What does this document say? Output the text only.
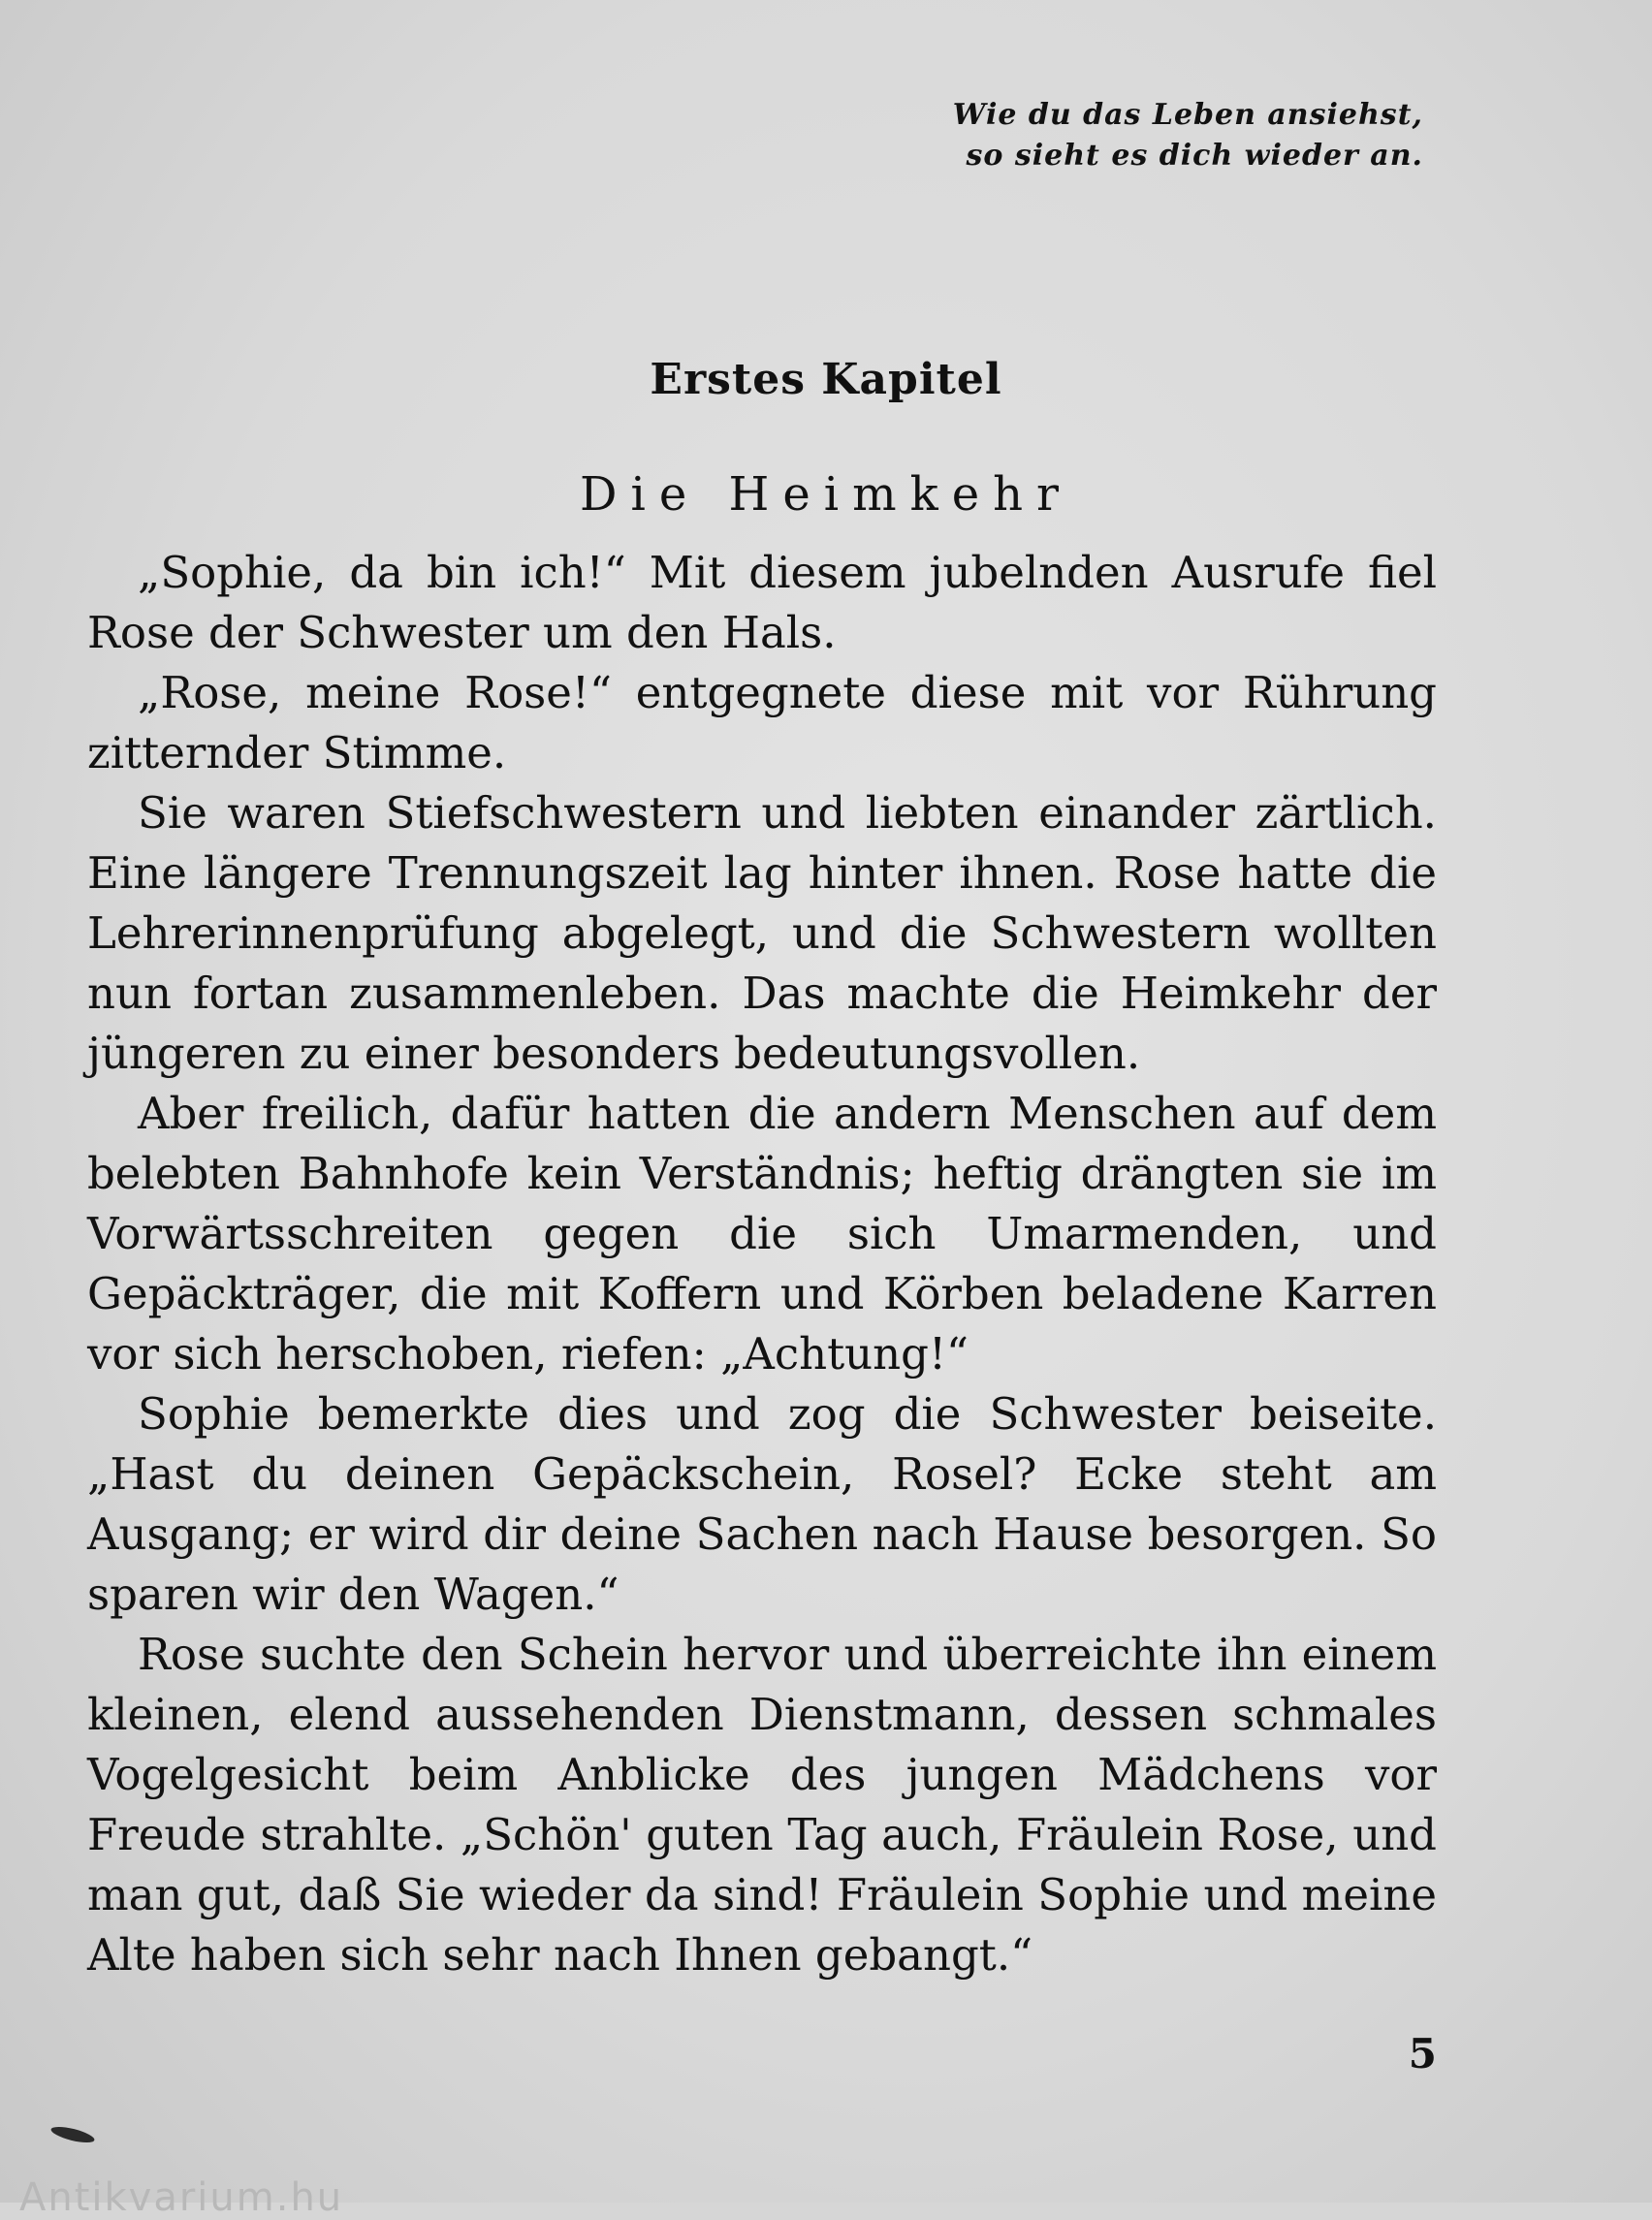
Wie du das Leben ansiehst,
so sieht es dich wieder an.
Erstes Kapitel
Die Heimkehr

„Sophie, da bin ich!“ Mit diesem jubelnden Ausrufe fiel Rose der Schwester um den Hals.

„Rose, meine Rose!“ entgegnete diese mit vor Rührung zitternder Stimme.

Sie waren Stiefschwestern und liebten einander zärtlich. Eine längere Trennungszeit lag hinter ihnen. Rose hatte die Lehrerinnenprüfung abgelegt, und die Schwestern wollten nun fortan zusammenleben. Das machte die Heimkehr der jüngeren zu einer besonders bedeutungsvollen.

Aber freilich, dafür hatten die andern Menschen auf dem belebten Bahnhofe kein Verständnis; heftig drängten sie im Vorwärtsschreiten gegen die sich Umarmenden, und Gepäckträger, die mit Koffern und Körben beladene Karren vor sich herschoben, riefen: „Achtung!“

Sophie bemerkte dies und zog die Schwester beiseite. „Hast du deinen Gepäckschein, Rosel? Ecke steht am Ausgang; er wird dir deine Sachen nach Hause besorgen. So sparen wir den Wagen.“

Rose suchte den Schein hervor und überreichte ihn einem kleinen, elend aussehenden Dienstmann, dessen schmales Vogelgesicht beim Anblicke des jungen Mädchens vor Freude strahlte. „Schön' guten Tag auch, Fräulein Rose, und man gut, daß Sie wieder da sind! Fräulein Sophie und meine Alte haben sich sehr nach Ihnen gebangt.“

5
Antikvarium.hu
